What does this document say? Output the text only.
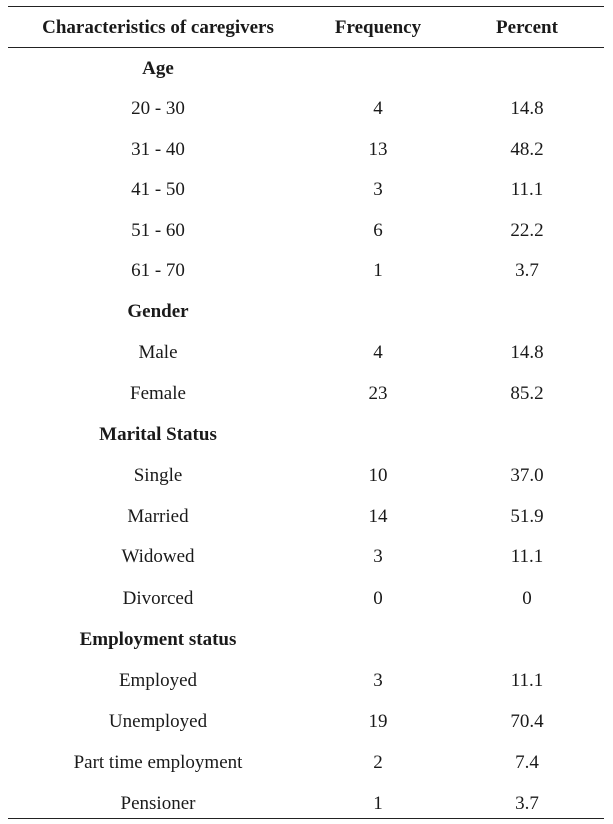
Characteristics of caregivers	Frequency	Percent
Age
20 - 30	4	14.8
31 - 40	13	48.2
41 - 50	3	11.1
51 - 60	6	22.2
61 - 70	1	3.7
Gender
Male	4	14.8
Female	23	85.2
Marital Status
Single	10	37.0
Married	14	51.9
Widowed	3	11.1
Divorced	0	0
Employment status
Employed	3	11.1
Unemployed	19	70.4
Part time employment	2	7.4
Pensioner	1	3.7
